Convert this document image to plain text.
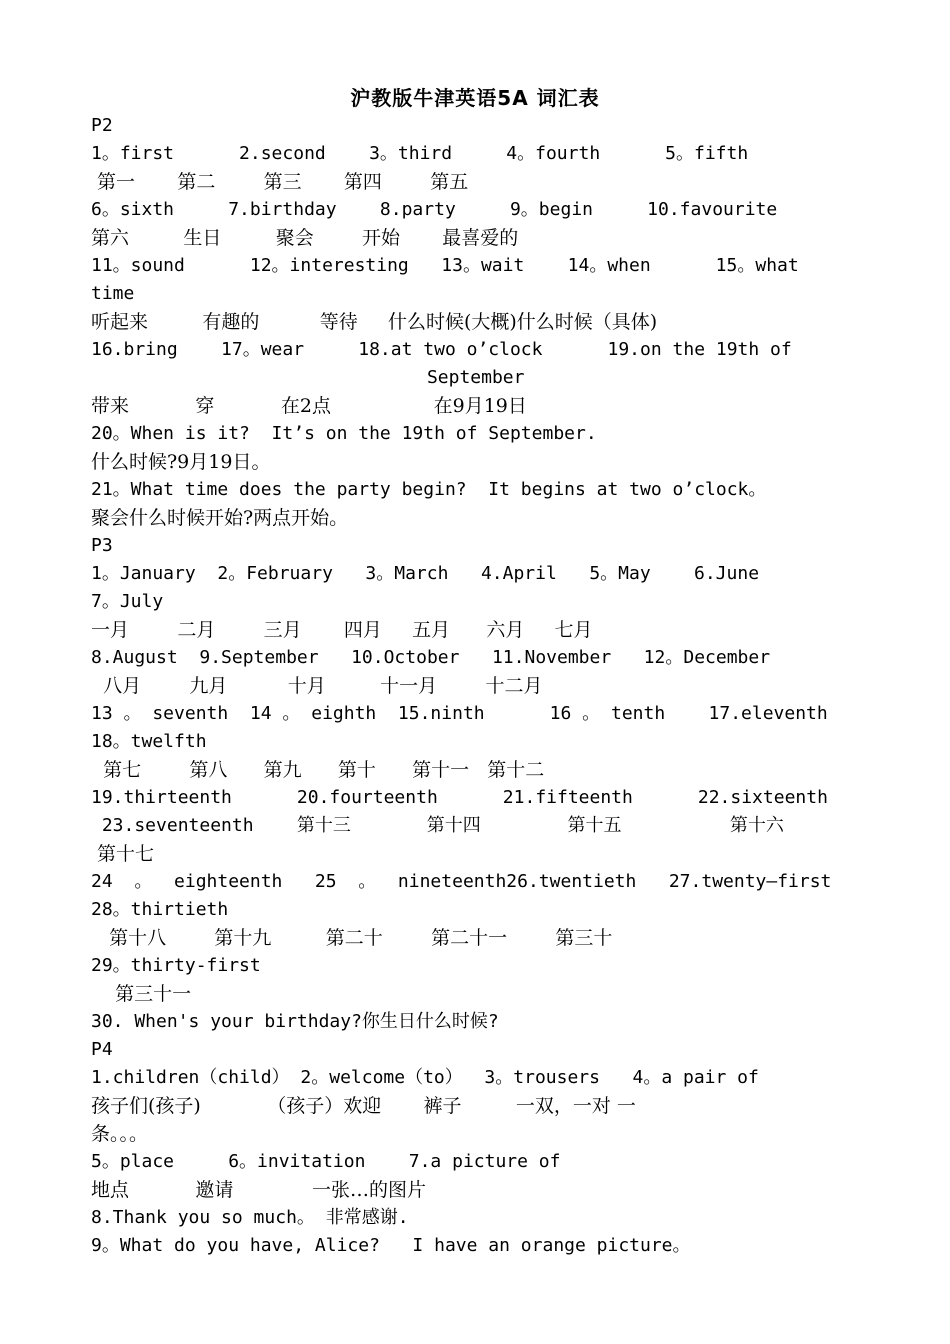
沪教版牛津英语5A 词汇表
P2
1。first      2.second    3。third     4。fourth      5。fifth
第一       第二        第三       第四        第五
6。sixth     7.birthday    8.party     9。begin     10.favourite
第六         生日         聚会        开始       最喜爱的
11。sound      12。interesting   13。wait    14。when      15。what
time
听起来         有趣的          等待     什么时候(大概)什么时候（具体)
16.bring    17。wear     18.at two o’clock      19.on the 19th of
September
带来           穿           在2点                 在9月19日
20。When is it?  It’s on the 19th of September.
什么时候?9月19日。
21。What time does the party begin?  It begins at two o’clock。
聚会什么时候开始?两点开始。
P3
1。January  2。February   3。March   4.April   5。May    6.June
7。July
一月        二月        三月       四月     五月      六月     七月
8.August  9.September   10.October   11.November   12。December
八月        九月          十月         十一月        十二月
13 。 seventh  14 。 eighth  15.ninth      16 。 tenth    17.eleventh
18。twelfth
第七        第八      第九      第十      第十一   第十二
19.thirteenth      20.fourteenth      21.fifteenth      22.sixteenth
23.seventeenth    第十三       第十四        第十五          第十六
第十七
24  。  eighteenth   25  。  nineteenth26.twentieth   27.twenty—first
28。thirtieth
第十八        第十九         第二十        第二十一        第三十
29。thirty-first
第三十一
30. When's your birthday?你生日什么时候?
P4
1.children（child） 2。welcome（to）  3。trousers   4。a pair of
孩子们(孩子)           （孩子）欢迎       裤子         一双，一对 一
条。。。
5。place     6。invitation    7.a picture of
地点           邀请             一张…的图片
8.Thank you so much。 非常感谢.
9。What do you have, Alice?   I have an orange picture。
